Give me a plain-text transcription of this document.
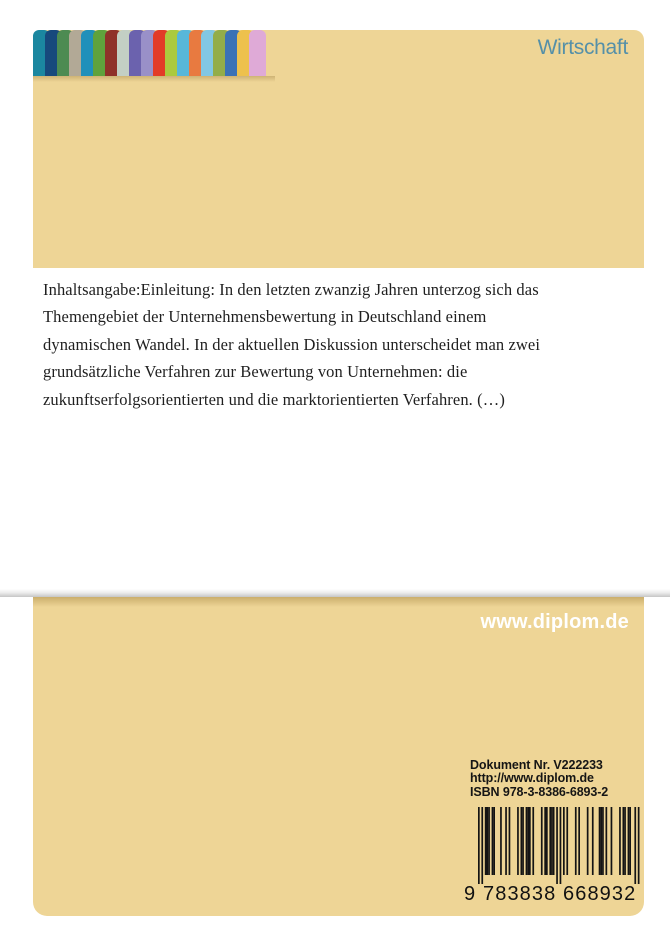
Wirtschaft
Inhaltsangabe:Einleitung: In den letzten zwanzig Jahren unterzog sich das
Themengebiet der Unternehmensbewertung in Deutschland einem
dynamischen Wandel. In der aktuellen Diskussion unterscheidet man zwei
grundsätzliche Verfahren zur Bewertung von Unternehmen: die
zukunftserfolgsorientierten und die marktorientierten Verfahren. (…)
www.diplom.de
Dokument Nr. V222233
http://www.diplom.de
ISBN 978-3-8386-6893-2
9 783838 668932
